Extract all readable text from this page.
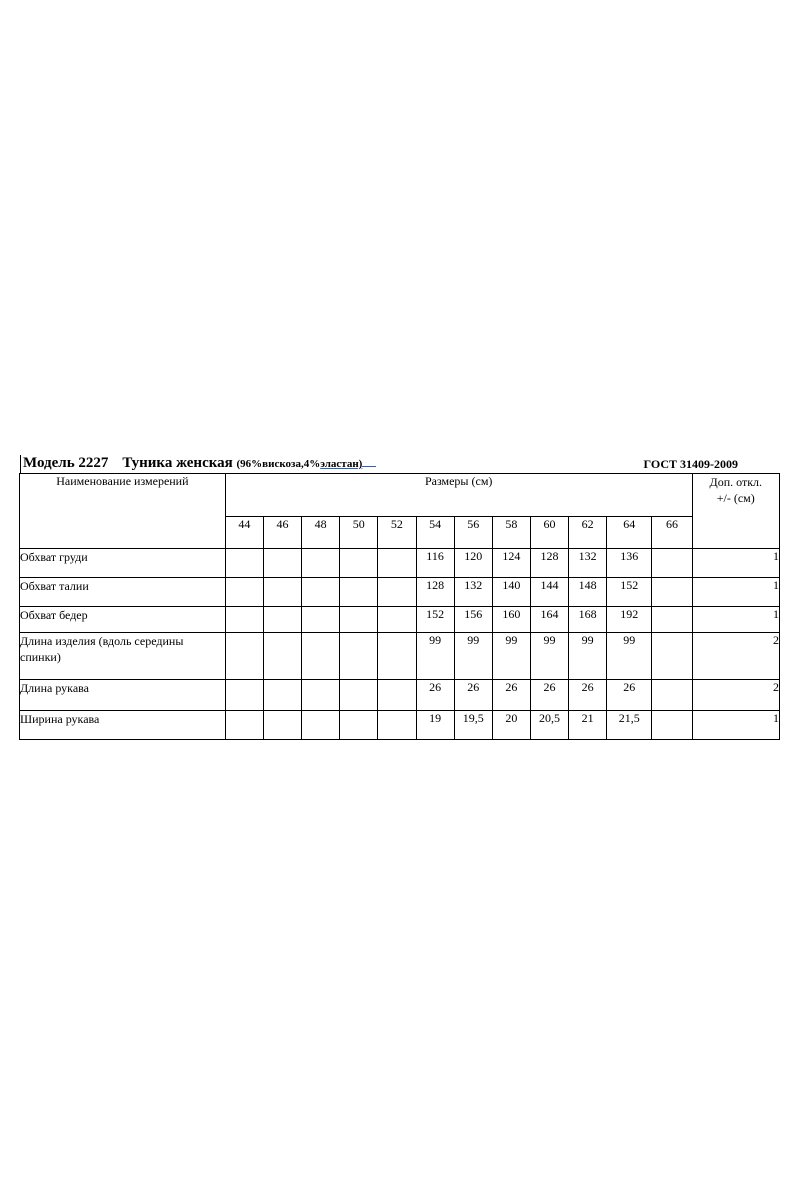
Модель 2227 Туника женская (96%вискоза,4%эластан)	ГОСТ 31409-2009
Наименование измерений	Размеры (см)												Доп. откл.
+/- (см)

	44	46	48	50	52	54	56	58	60	62	64	66	
Обхват груди						116	120	124	128	132	136		1
Обхват талии						128	132	140	144	148	152		1
Обхват бедер						152	156	160	164	168	192		1
Длина изделия (вдоль середины спинки)						99	99	99	99	99	99		2
Длина рукава						26	26	26	26	26	26		2
Ширина рукава						19	19,5	20	20,5	21	21,5		1
